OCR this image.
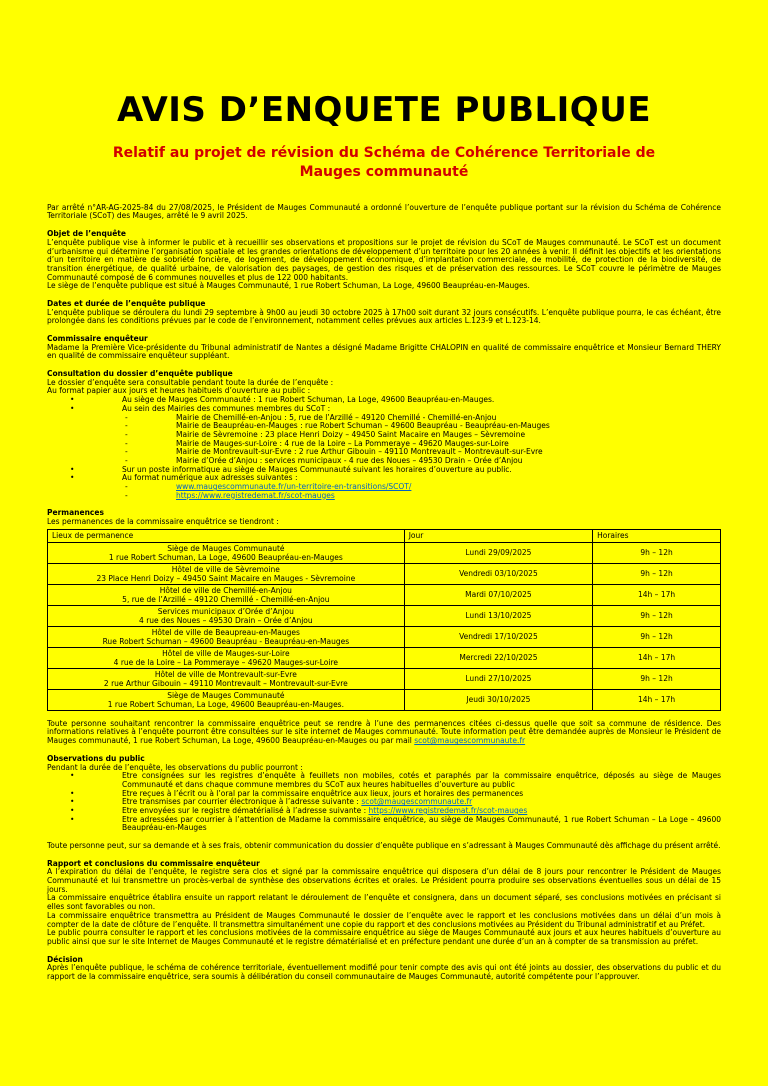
AVIS D’ENQUETE PUBLIQUE
Relatif au projet de révision du Schéma de Cohérence Territoriale de Mauges communauté

Par arrêté n°AR-AG-2025-84 du 27/08/2025, le Président de Mauges Communauté a ordonné l’ouverture de l’enquête publique portant sur la révision du Schéma de Cohérence Territoriale (SCoT) des Mauges, arrêté le 9 avril 2025.

Objet de l’enquête

L’enquête publique vise à informer le public et à recueillir ses observations et propositions sur le projet de révision du SCoT de Mauges communauté. Le SCoT est un document d’urbanisme qui détermine l’organisation spatiale et les grandes orientations de développement d’un territoire pour les 20 années à venir. Il définit les objectifs et les orientations d’un territoire en matière de sobriété foncière, de logement, de développement économique, d’implantation commerciale, de mobilité, de protection de la biodiversité, de transition énergétique, de qualité urbaine, de valorisation des paysages, de gestion des risques et de préservation des ressources. Le SCoT couvre le périmètre de Mauges Communauté composé de 6 communes nouvelles et plus de 122 000 habitants.

Le siège de l’enquête publique est situé à Mauges Communauté, 1 rue Robert Schuman, La Loge, 49600 Beaupréau-en-Mauges.

Dates et durée de l’enquête publique

L’enquête publique se déroulera du lundi 29 septembre à 9h00 au jeudi 30 octobre 2025 à 17h00 soit durant 32 jours consécutifs. L’enquête publique pourra, le cas échéant, être prolongée dans les conditions prévues par le code de l’environnement, notamment celles prévues aux articles L.123-9 et L.123-14.

Commissaire enquêteur

Madame la Première Vice-présidente du Tribunal administratif de Nantes a désigné Madame Brigitte CHALOPIN en qualité de commissaire enquêtrice et Monsieur Bernard THERY en qualité de commissaire enquêteur suppléant.

Consultation du dossier d’enquête publique

Le dossier d’enquête sera consultable pendant toute la durée de l’enquête :

Au format papier aux jours et heures habituels d’ouverture au public :

•	Au siège de Mauges Communauté : 1 rue Robert Schuman, La Loge, 49600 Beaupréau-en-Mauges.
•	Au sein des Mairies des communes membres du SCoT :
-	Mairie de Chemillé-en-Anjou : 5, rue de l’Arzillé – 49120 Chemillé - Chemillé-en-Anjou
-	Mairie de Beaupréau-en-Mauges : rue Robert Schuman – 49600 Beaupréau - Beaupréau-en-Mauges
-	Mairie de Sèvremoine : 23 place Henri Doizy – 49450 Saint Macaire en Mauges – Sèvremoine
-	Mairie de Mauges-sur-Loire : 4 rue de la Loire – La Pommeraye – 49620 Mauges-sur-Loire
-	Mairie de Montrevault-sur-Evre : 2 rue Arthur Gibouin – 49110 Montrevault – Montrevault-sur-Evre
-	Mairie d’Orée d’Anjou : services municipaux - 4 rue des Noues – 49530 Drain – Orée d’Anjou
•	Sur un poste informatique au siège de Mauges Communauté suivant les horaires d’ouverture au public.
•	Au format numérique aux adresses suivantes :
-	www.maugescommunaute.fr/un-territoire-en-transitions/SCOT/
-	https://www.registredemat.fr/scot-mauges
Permanences

Les permanences de la commissaire enquêtrice se tiendront :

Lieux de permanence	Jour	Horaires

Siège de Mauges Communauté
1 rue Robert Schuman, La Loge, 49600 Beaupréau-en-Mauges	Lundi 29/09/2025	9h – 12h

Hôtel de ville de Sèvremoine
23 Place Henri Doizy – 49450 Saint Macaire en Mauges - Sèvremoine	Vendredi 03/10/2025	9h – 12h

Hôtel de ville de Chemillé-en-Anjou
5, rue de l’Arzillé – 49120 Chemillé - Chemillé-en-Anjou	Mardi 07/10/2025	14h – 17h

Services municipaux d’Orée d’Anjou
4 rue des Noues – 49530 Drain – Orée d’Anjou	Lundi 13/10/2025	9h – 12h

Hôtel de ville de Beaupreau-en-Mauges
Rue Robert Schuman – 49600 Beaupréau - Beaupréau-en-Mauges	Vendredi 17/10/2025	9h – 12h

Hôtel de ville de Mauges-sur-Loire
4 rue de la Loire – La Pommeraye – 49620 Mauges-sur-Loire	Mercredi 22/10/2025	14h – 17h

Hôtel de ville de Montrevault-sur-Evre
2 rue Arthur Gibouin – 49110 Montrevault – Montrevault-sur-Evre	Lundi 27/10/2025	9h – 12h

Siège de Mauges Communauté
1 rue Robert Schuman, La Loge, 49600 Beaupréau-en-Mauges.	Jeudi 30/10/2025	14h – 17h

Toute personne souhaitant rencontrer la commissaire enquêtrice peut se rendre à l’une des permanences citées ci-dessus quelle que soit sa commune de résidence. Des informations relatives à l’enquête pourront être consultées sur le site internet de Mauges communauté. Toute information peut être demandée auprès de Monsieur le Président de Mauges communauté, 1 rue Robert Schuman, La Loge, 49600 Beaupréau-en-Mauges ou par mail scot@maugescommunaute.fr

Observations du public

Pendant la durée de l’enquête, les observations du public pourront :

•	Etre consignées sur les registres d’enquête à feuillets non mobiles, cotés et paraphés par la commissaire enquêtrice, déposés au siège de Mauges Communauté et dans chaque commune membres du SCoT aux heures habituelles d’ouverture au public
•	Etre reçues à l’écrit ou à l’oral par la commissaire enquêtrice aux lieux, jours et horaires des permanences
•	Etre transmises par courrier électronique à l’adresse suivante : scot@maugescommunaute.fr
•	Etre envoyées sur le registre dématérialisé à l’adresse suivante : https://www.registredemat.fr/scot-mauges
•	Etre adressées par courrier à l’attention de Madame la commissaire enquêtrice, au siège de Mauges Communauté, 1 rue Robert Schuman – La Loge – 49600 Beaupréau-en-Mauges

Toute personne peut, sur sa demande et à ses frais, obtenir communication du dossier d’enquête publique en s’adressant à Mauges Communauté dès affichage du présent arrêté.

Rapport et conclusions du commissaire enquêteur

A l’expiration du délai de l’enquête, le registre sera clos et signé par la commissaire enquêtrice qui disposera d’un délai de 8 jours pour rencontrer le Président de Mauges Communauté et lui transmettre un procès-verbal de synthèse des observations écrites et orales. Le Président pourra produire ses observations éventuelles sous un délai de 15 jours.

La commissaire enquêtrice établira ensuite un rapport relatant le déroulement de l’enquête et consignera, dans un document séparé, ses conclusions motivées en précisant si elles sont favorables ou non.

La commissaire enquêtrice transmettra au Président de Mauges Communauté le dossier de l’enquête avec le rapport et les conclusions motivées dans un délai d’un mois à compter de la date de clôture de l’enquête. Il transmettra simultanément une copie du rapport et des conclusions motivées au Président du Tribunal administratif et au Préfet.

Le public pourra consulter le rapport et les conclusions motivées de la commissaire enquêtrice au siège de Mauges Communauté aux jours et aux heures habituels d’ouverture au public ainsi que sur le site Internet de Mauges Communauté et le registre dématérialisé et en préfecture pendant une durée d’un an à compter de sa transmission au préfet.

Décision

Après l’enquête publique, le schéma de cohérence territoriale, éventuellement modifié pour tenir compte des avis qui ont été joints au dossier, des observations du public et du rapport de la commissaire enquêtrice, sera soumis à délibération du conseil communautaire de Mauges Communauté, autorité compétente pour l’approuver.
